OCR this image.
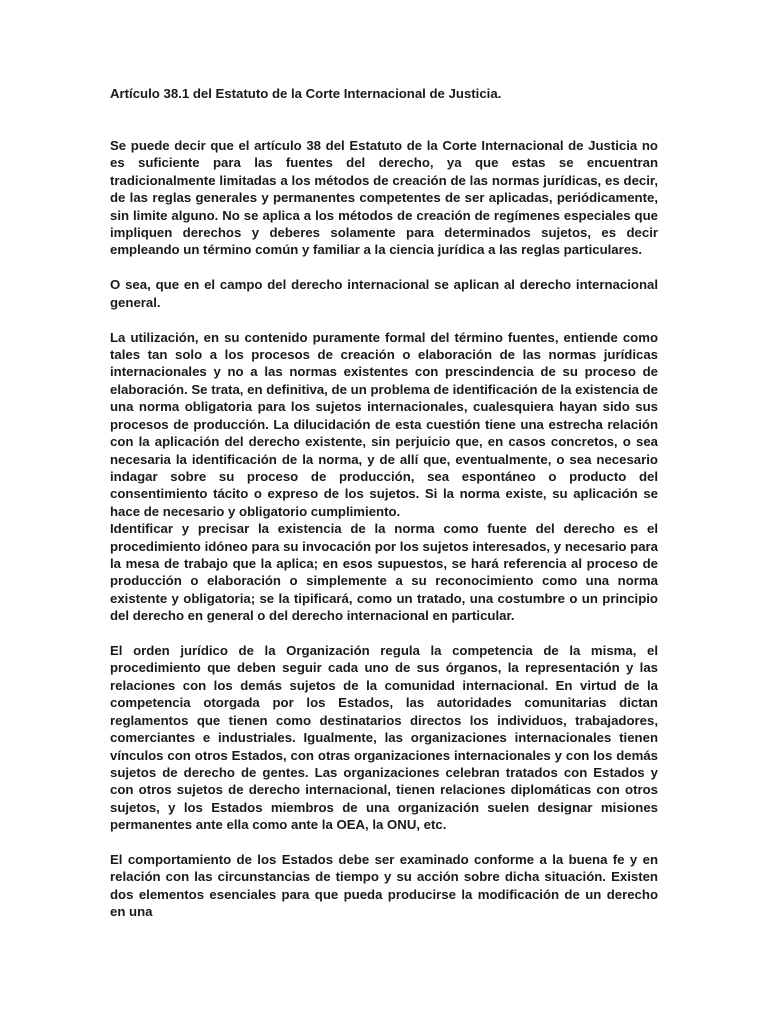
Artículo 38.1 del Estatuto de la Corte Internacional de Justicia.

Se puede decir que el artículo 38 del Estatuto de la Corte Internacional de Justicia no es suficiente para las fuentes del derecho, ya que estas se encuentran tradicionalmente limitadas a los métodos de creación de las normas jurídicas, es decir, de las reglas generales y permanentes competentes de ser aplicadas, periódicamente, sin limite alguno. No se aplica a los métodos de creación de regímenes especiales que impliquen derechos y deberes solamente para determinados sujetos, es decir empleando un término común y familiar a la ciencia jurídica a las reglas particulares.

O sea, que en el campo del derecho internacional se aplican al derecho internacional general.

La utilización, en su contenido puramente formal del término fuentes, entiende como tales tan solo a los procesos de creación o elaboración de las normas jurídicas internacionales y no a las normas existentes con prescindencia de su proceso de elaboración. Se trata, en definitiva, de un problema de identificación de la existencia de una norma obligatoria para los sujetos internacionales, cualesquiera hayan sido sus procesos de producción. La dilucidación de esta cuestión tiene una estrecha relación con la aplicación del derecho existente, sin perjuicio que, en casos concretos, o sea necesaria la identificación de la norma, y de allí que, eventualmente, o sea necesario indagar sobre su proceso de producción, sea espontáneo o producto del consentimiento tácito o expreso de los sujetos. Si la norma existe, su aplicación se hace de necesario y obligatorio cumplimiento.

Identificar y precisar la existencia de la norma como fuente del derecho es el procedimiento idóneo para su invocación por los sujetos interesados, y necesario para la mesa de trabajo que la aplica; en esos supuestos, se hará referencia al proceso de producción o elaboración o simplemente a su reconocimiento como una norma existente y obligatoria; se la tipificará, como un tratado, una costumbre o un principio del derecho en general o del derecho internacional en particular.

El orden jurídico de la Organización regula la competencia de la misma, el procedimiento que deben seguir cada uno de sus órganos, la representación y las relaciones con los demás sujetos de la comunidad internacional. En virtud de la competencia otorgada por los Estados, las autoridades comunitarias dictan reglamentos que tienen como destinatarios directos los individuos, trabajadores, comerciantes e industriales. Igualmente, las organizaciones internacionales tienen vínculos con otros Estados, con otras organizaciones internacionales y con los demás sujetos de derecho de gentes. Las organizaciones celebran tratados con Estados y con otros sujetos de derecho internacional, tienen relaciones diplomáticas con otros sujetos, y los Estados miembros de una organización suelen designar misiones permanentes ante ella como ante la OEA, la ONU, etc.

El comportamiento de los Estados debe ser examinado conforme a la buena fe y en relación con las circunstancias de tiempo y su acción sobre dicha situación. Existen dos elementos esenciales para que pueda producirse la modificación de un derecho en una
